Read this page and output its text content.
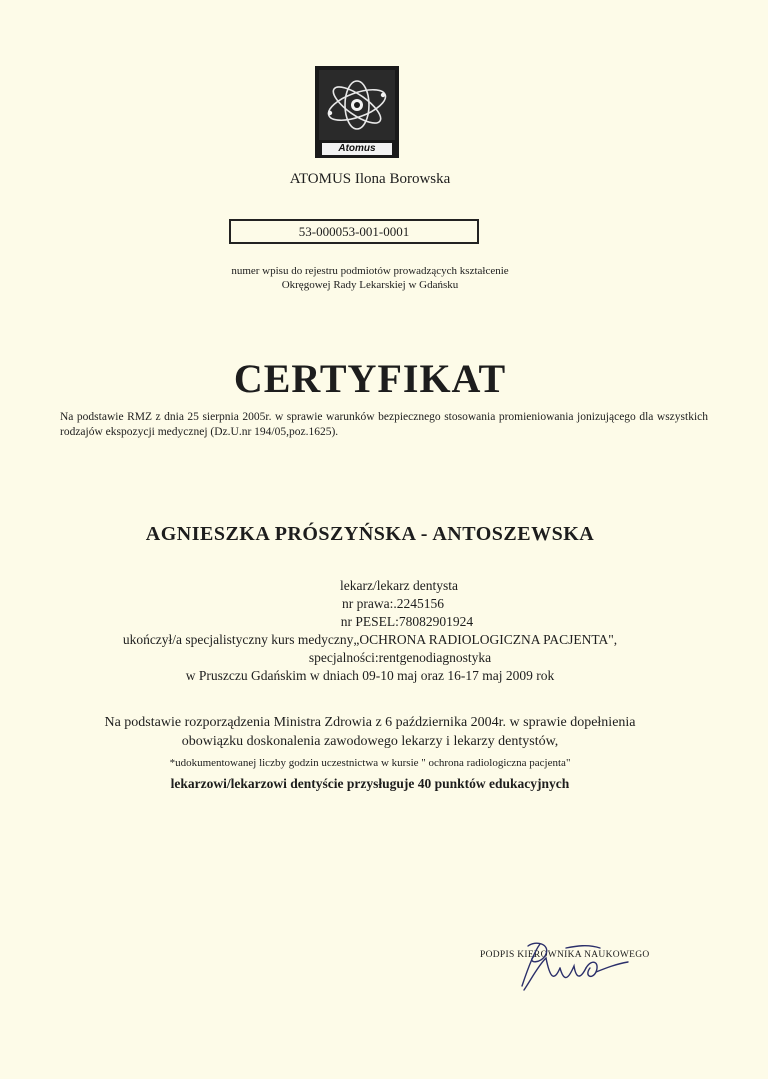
Atomus
ATOMUS Ilona Borowska
53-000053-001-0001
numer wpisu do rejestru podmiotów prowadzących kształcenie
Okręgowej Rady Lekarskiej w Gdańsku
CERTYFIKAT
Na podstawie RMZ z dnia 25 sierpnia 2005r. w sprawie warunków bezpiecznego stosowania promieniowania jonizującego dla wszystkich rodzajów ekspozycji medycznej (Dz.U.nr 194/05,poz.1625).
AGNIESZKA PRÓSZYŃSKA - ANTOSZEWSKA
lekarz/lekarz dentysta
nr prawa:.2245156
nr PESEL:78082901924
ukończył/a specjalistyczny kurs medyczny„OCHRONA RADIOLOGICZNA PACJENTA",
specjalności:rentgenodiagnostyka
w Pruszczu Gdańskim w dniach 09-10 maj oraz 16-17 maj 2009 rok
Na podstawie rozporządzenia Ministra Zdrowia z 6 października 2004r. w sprawie dopełnienia
obowiązku doskonalenia zawodowego lekarzy i lekarzy dentystów,
*udokumentowanej liczby godzin uczestnictwa w kursie " ochrona radiologiczna pacjenta"
lekarzowi/lekarzowi dentyście przysługuje 40 punktów edukacyjnych
PODPIS KIEROWNIKA NAUKOWEGO
